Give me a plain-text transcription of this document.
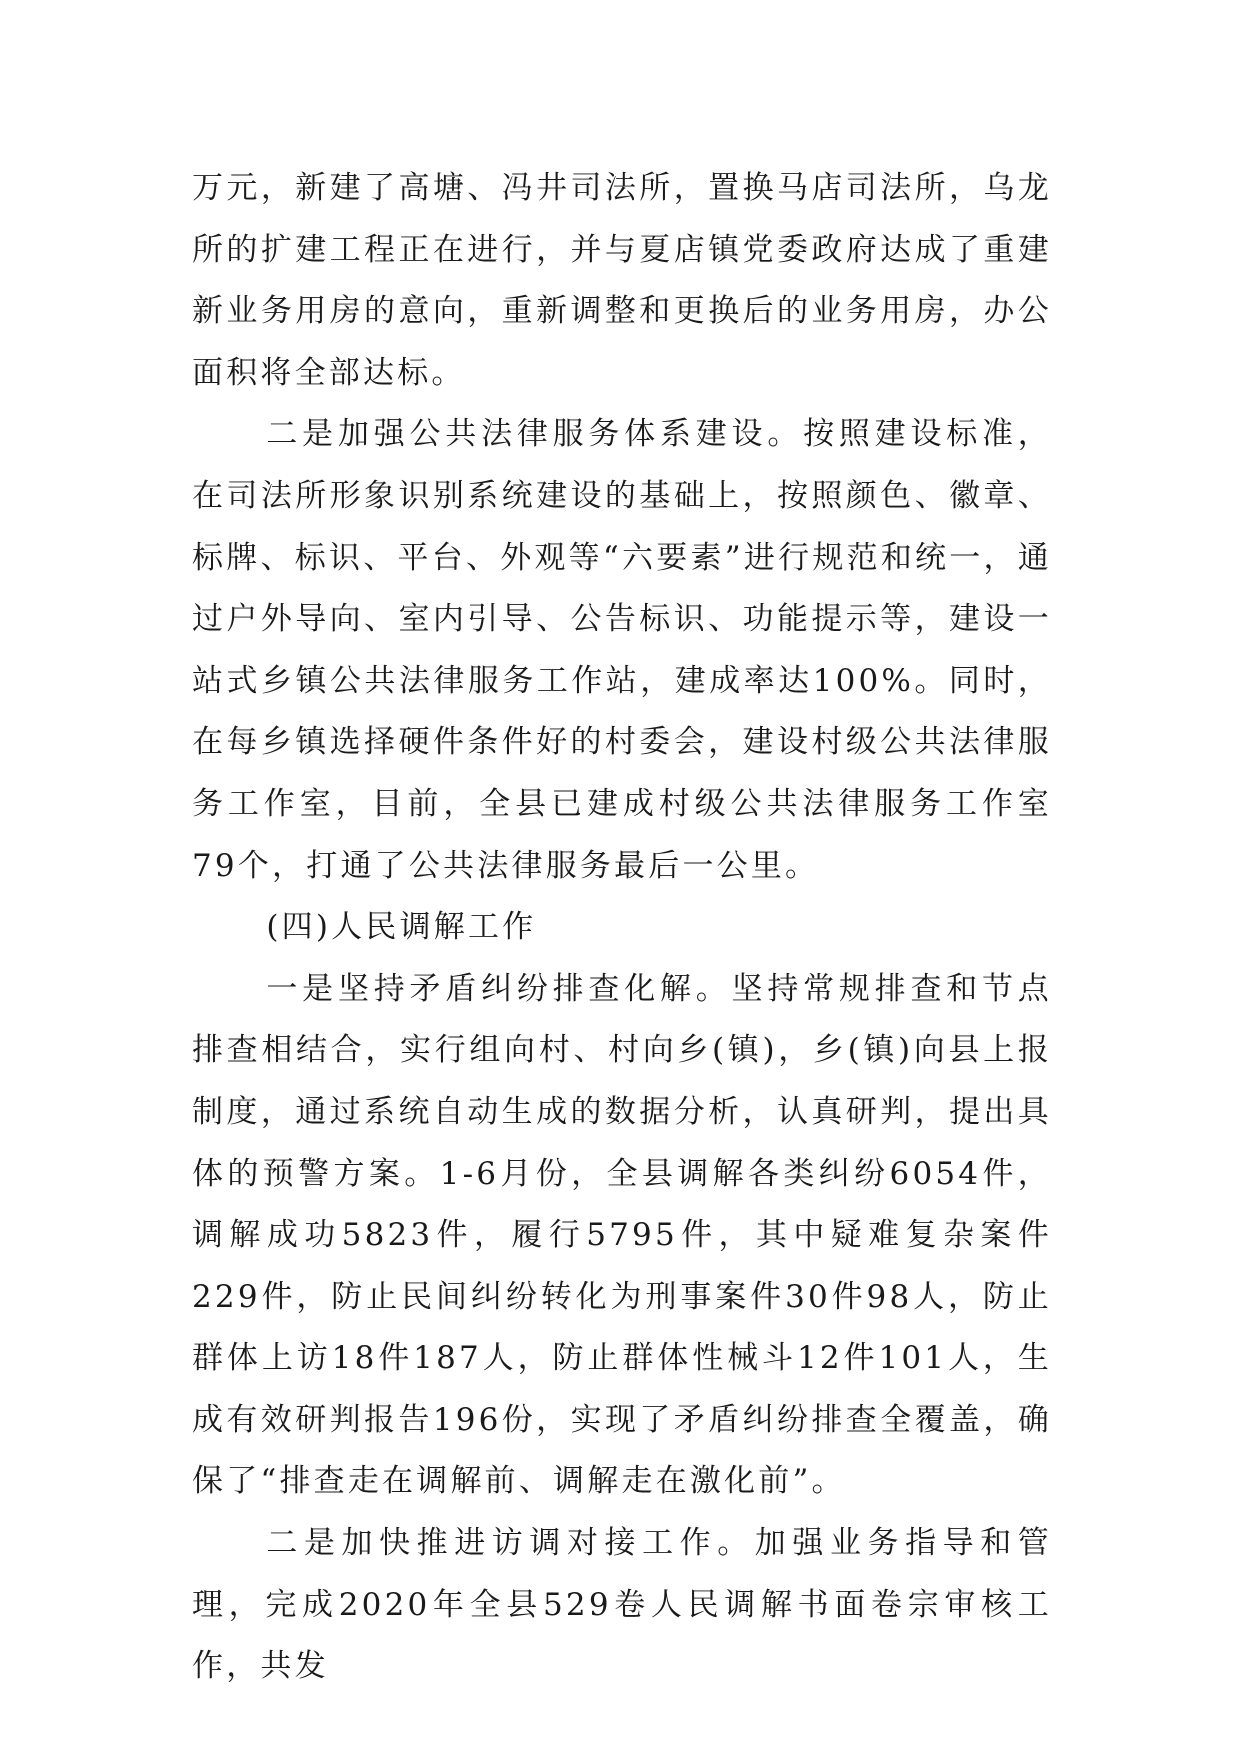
万元，新建了高塘、冯井司法所，置换马店司法所，乌龙所的扩建工程正在进行，并与夏店镇党委政府达成了重建新业务用房的意向，重新调整和更换后的业务用房，办公面积将全部达标。

二是加强公共法律服务体系建设。按照建设标准，在司法所形象识别系统建设的基础上，按照颜色、徽章、标牌、标识、平台、外观等“六要素”进行规范和统一，通过户外导向、室内引导、公告标识、功能提示等，建设一站式乡镇公共法律服务工作站，建成率达100%。同时，在每乡镇选择硬件条件好的村委会，建设村级公共法律服务工作室，目前，全县已建成村级公共法律服务工作室79个，打通了公共法律服务最后一公里。

(四)人民调解工作

一是坚持矛盾纠纷排查化解。坚持常规排查和节点排查相结合，实行组向村、村向乡(镇)，乡(镇)向县上报制度，通过系统自动生成的数据分析，认真研判，提出具体的预警方案。1-6月份，全县调解各类纠纷6054件，调解成功5823件，履行5795件，其中疑难复杂案件229件，防止民间纠纷转化为刑事案件30件98人，防止群体上访18件187人，防止群体性械斗12件101人，生成有效研判报告196份，实现了矛盾纠纷排查全覆盖，确保了“排查走在调解前、调解走在激化前”。

二是加快推进访调对接工作。加强业务指导和管理，完成2020年全县529卷人民调解书面卷宗审核工作，共发
